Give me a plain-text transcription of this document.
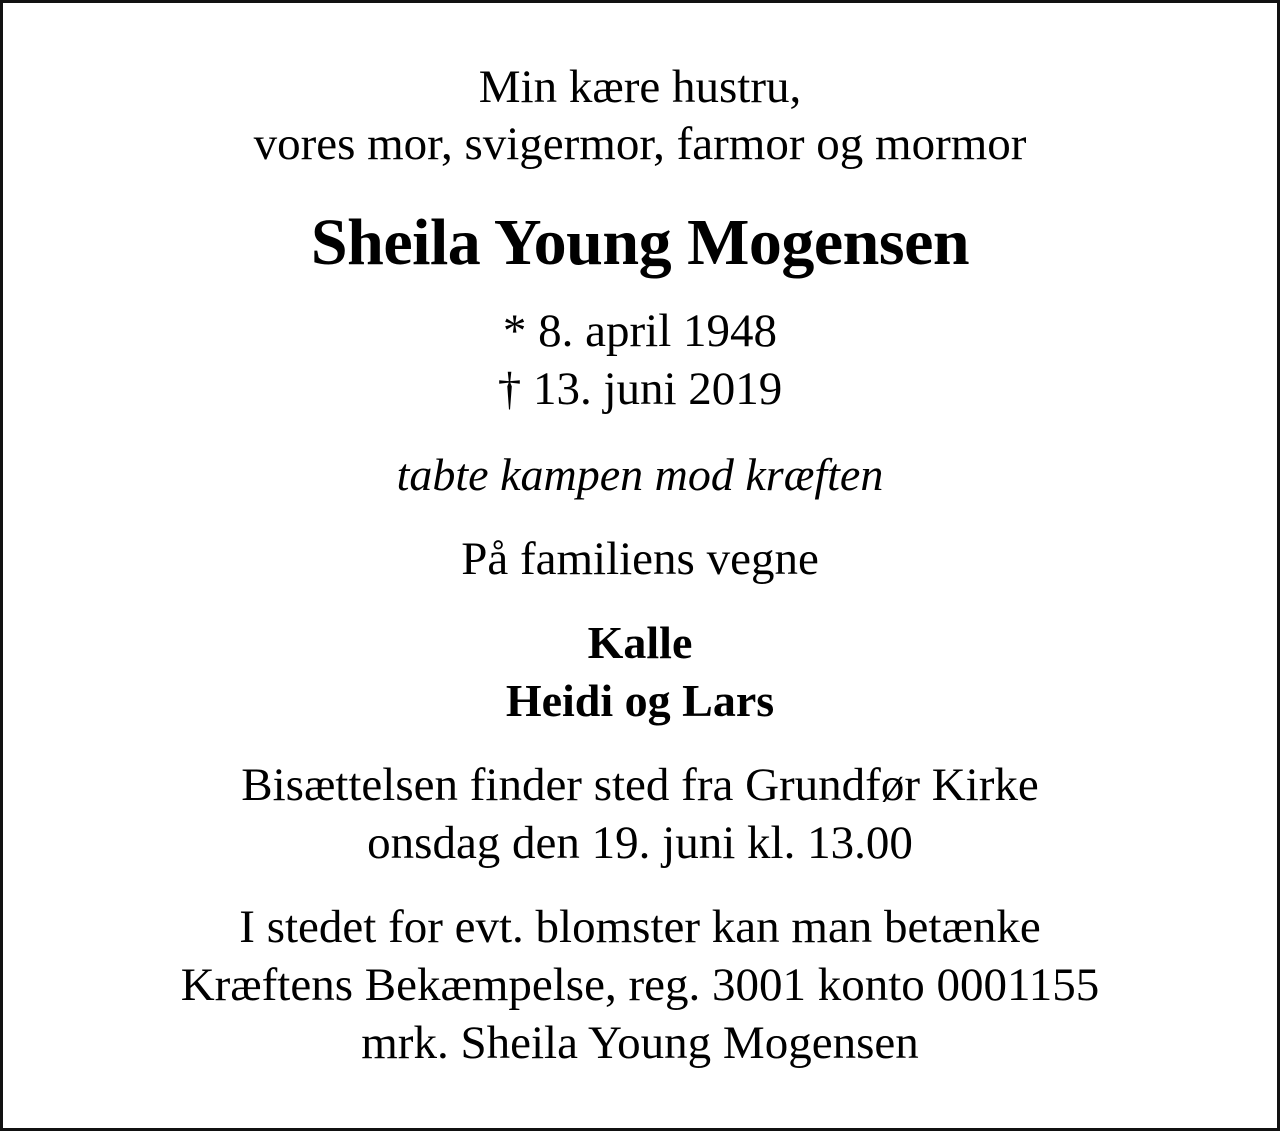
Min kære hustru,
vores mor, svigermor, farmor og mormor
Sheila Young Mogensen
* 8. april 1948
† 13. juni 2019
tabte kampen mod kræften
På familiens vegne
Kalle
Heidi og Lars
Bisættelsen finder sted fra Grundfør Kirke
onsdag den 19. juni kl. 13.00
I stedet for evt. blomster kan man betænke
Kræftens Bekæmpelse, reg. 3001 konto 0001155
mrk. Sheila Young Mogensen
